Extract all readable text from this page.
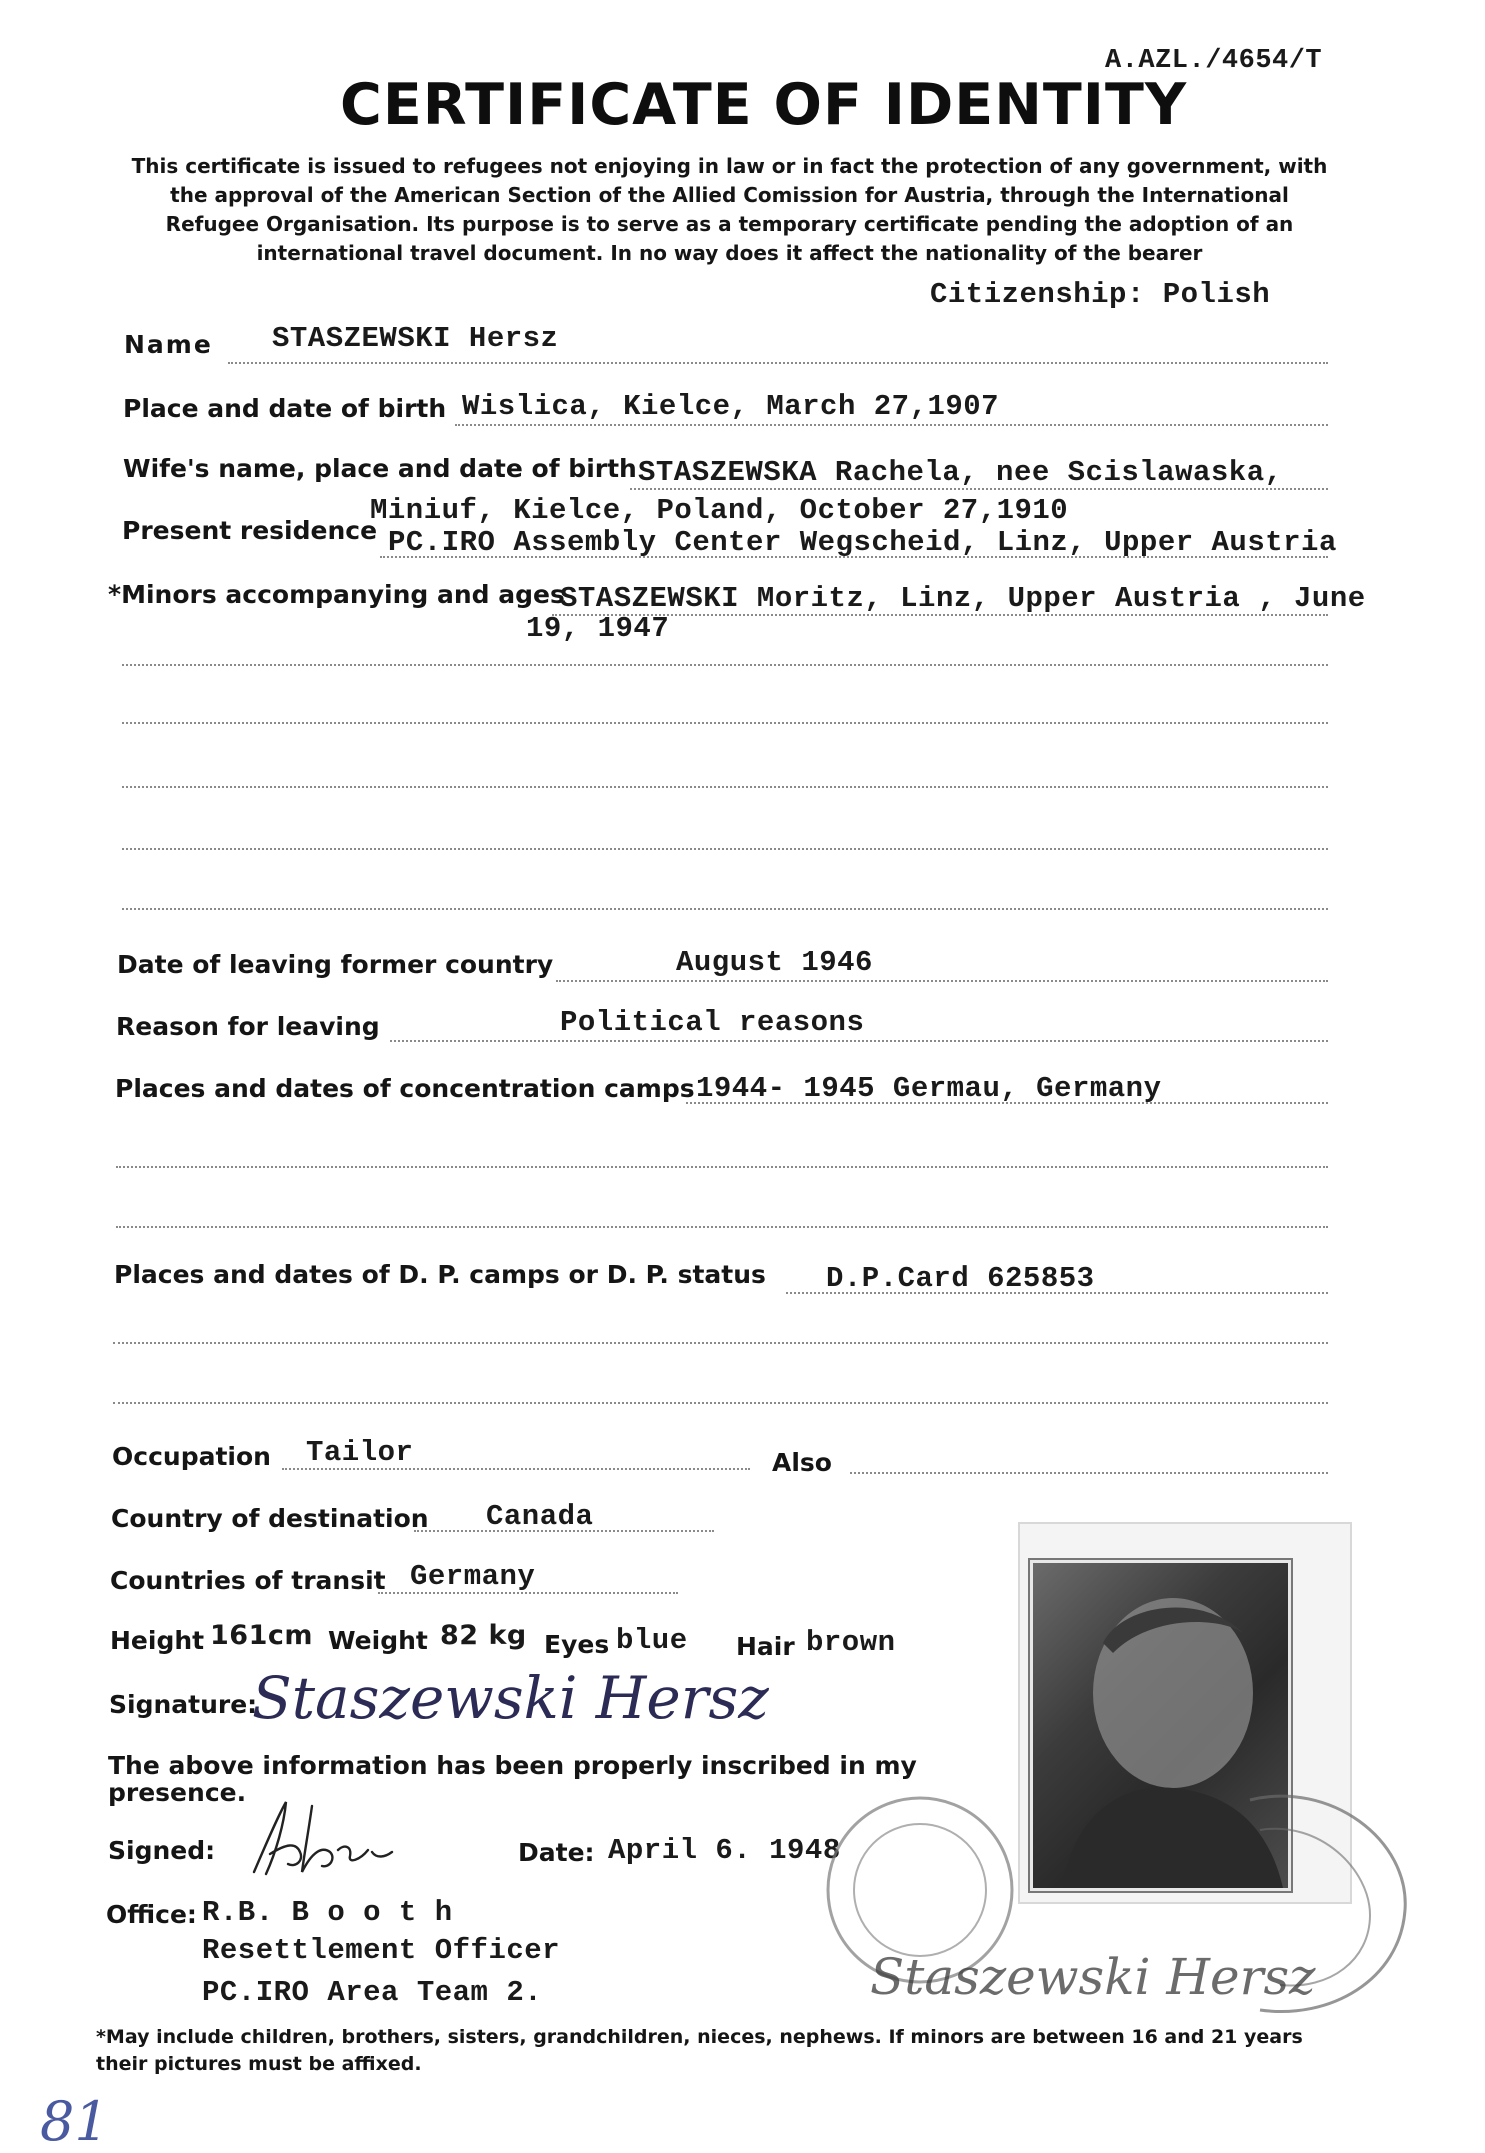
A.AZL./4654/T
CERTIFICATE OF IDENTITY
This certificate is issued to refugees not enjoying in law or in fact the protection of any government, with the approval of the American Section of the Allied Comission for Austria, through the International Refugee Organisation. Its purpose is to serve as a temporary certificate pending the adoption of an international travel document. In no way does it affect the nationality of the bearer
Citizenship: Polish
Name STASZEWSKI Hersz
Place and date of birth Wislica, Kielce, March 27,1907
Wife's name, place and date of birth STASZEWSKA Rachela, nee Scislawaska,
Miniuf, Kielce, Poland, October 27,1910
Present residence PC.IRO Assembly Center Wegscheid, Linz, Upper Austria
*Minors accompanying and ages
STASZEWSKI Moritz, Linz, Upper Austria , June
19, 1947
Date of leaving former country	August 1946
Reason for leaving	Political reasons
Places and dates of concentration camps 1944- 1945 Germau, Germany
Places and dates of D. P. camps or D. P. status D.P.Card 625853
Occupation Tailor	Also
Country of destination Canada
Countries of transit Germany
Height 161cm Weight 82 kg Eyes blue Hair brown
Signature:
Staszewski Hersz
The above information has been properly inscribed in my presence.
Signed:	Date: April 6. 1948
Office: R.B. B o o t h
Resettlement Officer
PC.IRO Area Team 2.	Staszewski Hersz
*May include children, brothers, sisters, grandchildren, nieces, nephews. If minors are between 16 and 21 years their pictures must be affixed.
81
